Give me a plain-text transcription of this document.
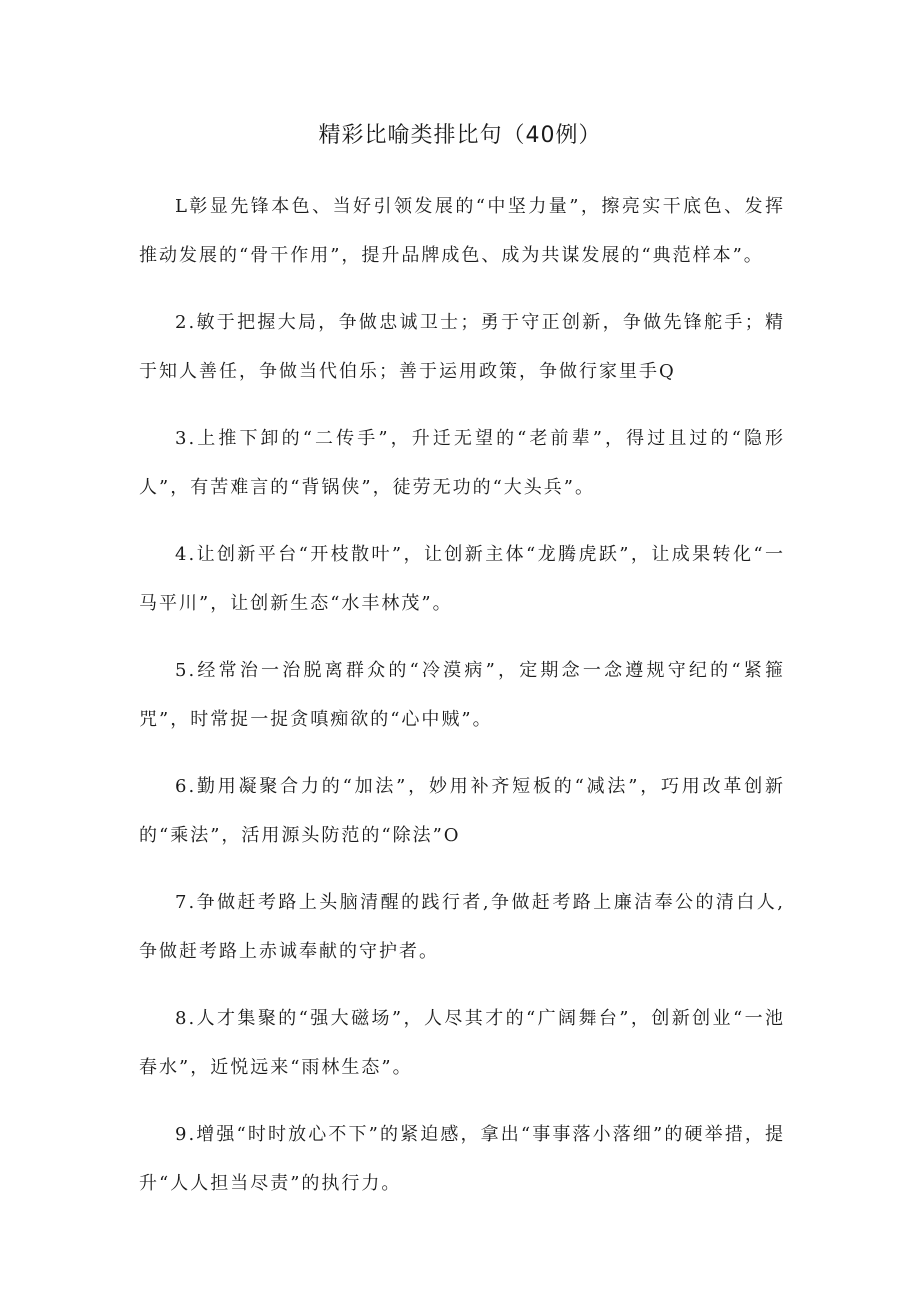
精彩比喻类排比句（40例）

L彰显先锋本色、当好引领发展的“中坚力量”，擦亮实干底色、发挥推动发展的“骨干作用”，提升品牌成色、成为共谋发展的“典范样本”。

2.敏于把握大局，争做忠诚卫士；勇于守正创新，争做先锋舵手；精于知人善任，争做当代伯乐；善于运用政策，争做行家里手Q

3.上推下卸的“二传手”，升迁无望的“老前辈”，得过且过的“隐形人”，有苦难言的“背锅侠”，徒劳无功的“大头兵”。

4.让创新平台“开枝散叶”，让创新主体“龙腾虎跃”，让成果转化“一马平川”，让创新生态“水丰林茂”。

5.经常治一治脱离群众的“冷漠病”，定期念一念遵规守纪的“紧箍咒”，时常捉一捉贪嗔痴欲的“心中贼”。

6.勤用凝聚合力的“加法”，妙用补齐短板的“减法”，巧用改革创新的“乘法”，活用源头防范的“除法”O

7.争做赶考路上头脑清醒的践行者,争做赶考路上廉洁奉公的清白人,争做赶考路上赤诚奉献的守护者。

8.人才集聚的“强大磁场”，人尽其才的“广阔舞台”，创新创业“一池春水”，近悦远来“雨林生态”。

9.增强“时时放心不下”的紧迫感，拿出“事事落小落细”的硬举措，提升“人人担当尽责”的执行力。
